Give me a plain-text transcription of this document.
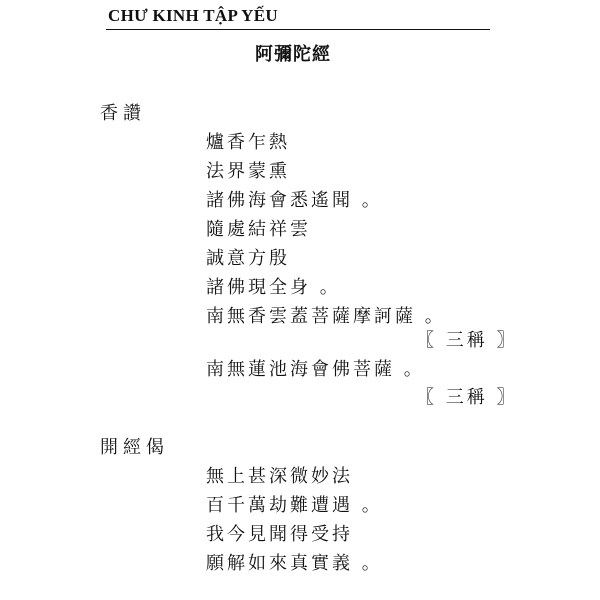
CHƯ KINH TẬP YẾU
阿彌陀經
香讚
爐香乍熱
法界蒙熏
諸佛海會悉遙聞 。
隨處結祥雲
誠意方殷
諸佛現全身 。
南無香雲蓋菩薩摩訶薩 。
〖 三稱 〗
南無蓮池海會佛菩薩 。
〖 三稱 〗
開經偈
無上甚深微妙法
百千萬劫難遭遇 。
我今見聞得受持
願解如來真實義 。
